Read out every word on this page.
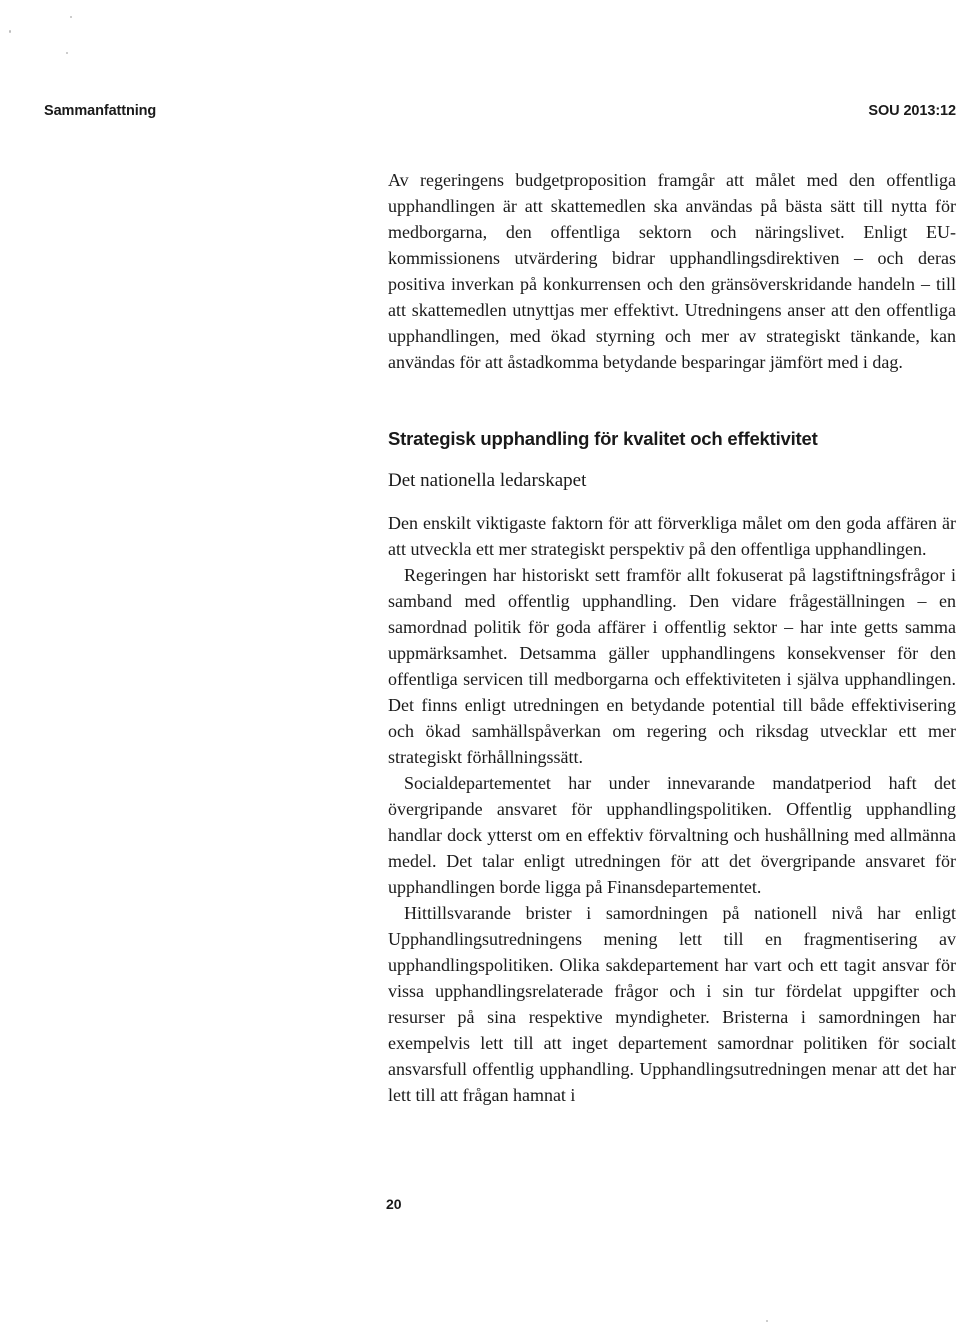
Sammanfattning	SOU 2013:12

Av regeringens budgetproposition framgår att målet med den offentliga upphandlingen är att skattemedlen ska användas på bästa sätt till nytta för medborgarna, den offentliga sektorn och näringslivet. Enligt EU-kommissionens utvärdering bidrar upphandlingsdirektiven – och deras positiva inverkan på konkurrensen och den gränsöverskridande handeln – till att skattemedlen utnyttjas mer effektivt. Utredningens anser att den offentliga upphandlingen, med ökad styrning och mer av strategiskt tänkande, kan användas för att åstadkomma betydande besparingar jämfört med i dag.

Strategisk upphandling för kvalitet och effektivitet
Det nationella ledarskapet

Den enskilt viktigaste faktorn för att förverkliga målet om den goda affären är att utveckla ett mer strategiskt perspektiv på den offentliga upphandlingen.

Regeringen har historiskt sett framför allt fokuserat på lagstiftningsfrågor i samband med offentlig upphandling. Den vidare frågeställningen – en samordnad politik för goda affärer i offentlig sektor – har inte getts samma uppmärksamhet. Detsamma gäller upphandlingens konsekvenser för den offentliga servicen till medborgarna och effektiviteten i själva upphandlingen. Det finns enligt utredningen en betydande potential till både effektivisering och ökad samhällspåverkan om regering och riksdag utvecklar ett mer strategiskt förhållningssätt.

Socialdepartementet har under innevarande mandatperiod haft det övergripande ansvaret för upphandlingspolitiken. Offentlig upphandling handlar dock ytterst om en effektiv förvaltning och hushållning med allmänna medel. Det talar enligt utredningen för att det övergripande ansvaret för upphandlingen borde ligga på Finansdepartementet.

Hittillsvarande brister i samordningen på nationell nivå har enligt Upphandlingsutredningens mening lett till en fragmentisering av upphandlingspolitiken. Olika sakdepartement har vart och ett tagit ansvar för vissa upphandlingsrelaterade frågor och i sin tur fördelat uppgifter och resurser på sina respektive myndigheter. Bristerna i samordningen har exempelvis lett till att inget departement samordnar politiken för socialt ansvarsfull offentlig upphandling. Upphandlingsutredningen menar att det har lett till att frågan hamnat i

20
